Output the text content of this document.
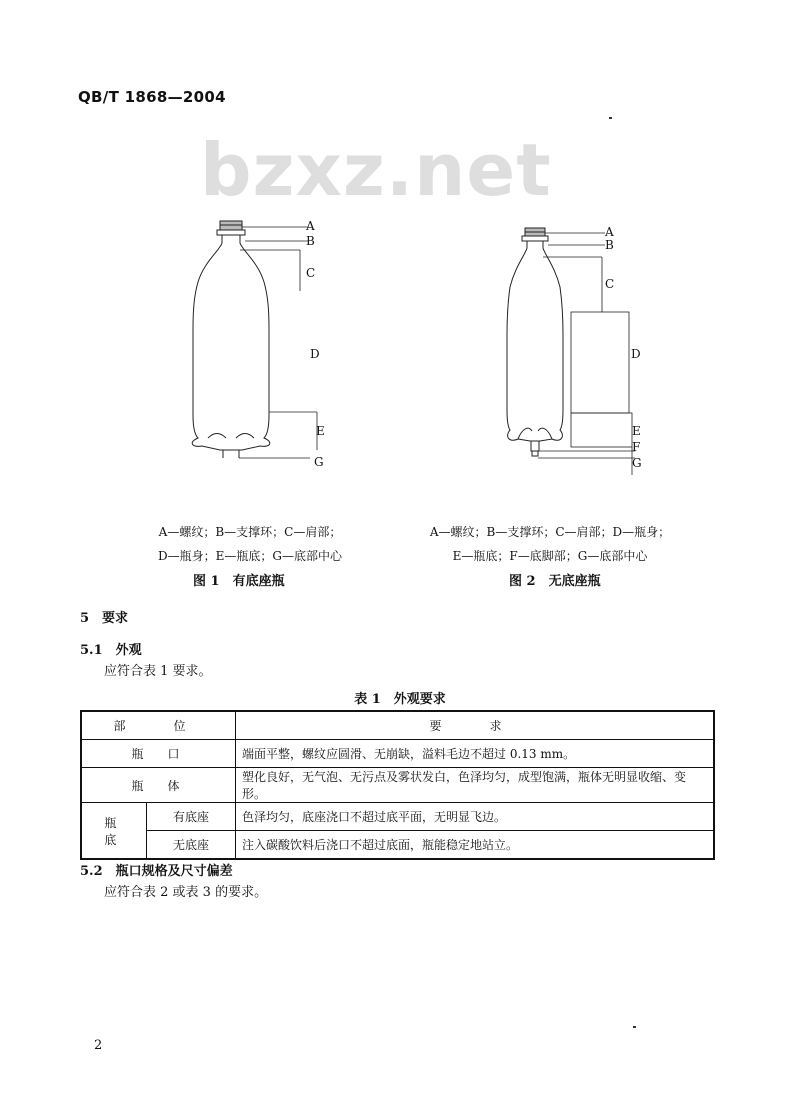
QB/T 1868—2004
bzxz.net
A
B
C
D
E
G
A
B
C
D
E
F
G
A—螺纹；B—支撑环；C—肩部；
D—瓶身；E—瓶底；G—底部中心
A—螺纹；B—支撑环；C—肩部；D—瓶身；
E—瓶底；F—底脚部；G—底部中心
图 1　有底座瓶	图 2　无底座瓶
5　要求
5.1　外观
应符合表 1 要求。
表 1　外观要求
部　位		要　求
瓶　口		端面平整，螺纹应圆滑、无崩缺，溢料毛边不超过 0.13 mm。
瓶　体		塑化良好，无气泡、无污点及雾状发白，色泽均匀，成型饱满，瓶体无明显收缩、变形。
瓶　底	有底座	色泽均匀，底座浇口不超过底平面，无明显飞边。
	无底座	注入碳酸饮料后浇口不超过底面，瓶能稳定地站立。
5.2　瓶口规格及尺寸偏差
应符合表 2 或表 3 的要求。
2
